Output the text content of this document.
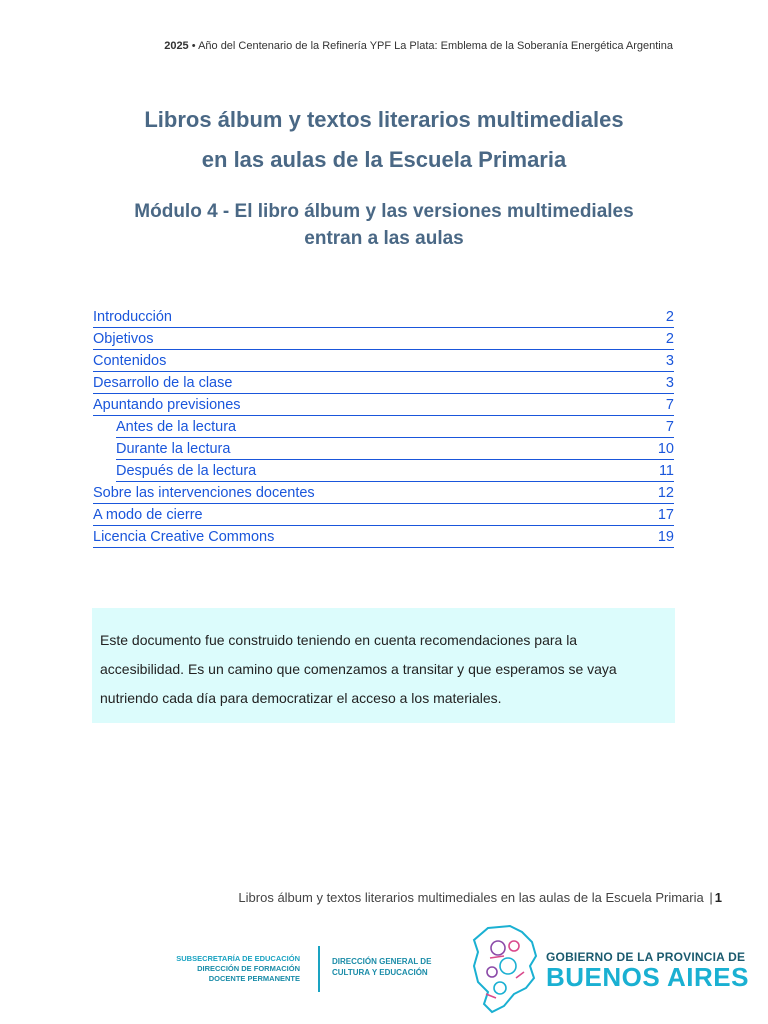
2025 • Año del Centenario de la Refinería YPF La Plata: Emblema de la Soberanía Energética Argentina
Libros álbum y textos literarios multimediales
en las aulas de la Escuela Primaria
Módulo 4 - El libro álbum y las versiones multimediales
entran a las aulas
Introducción	2
Objetivos	2
Contenidos	3
Desarrollo de la clase	3
Apuntando previsiones	7
Antes de la lectura	7
Durante la lectura	10
Después de la lectura	11
Sobre las intervenciones docentes	12
A modo de cierre	17
Licencia Creative Commons	19
Este documento fue construido teniendo en cuenta recomendaciones para la
accesibilidad. Es un camino que comenzamos a transitar y que esperamos se vaya
nutriendo cada día para democratizar el acceso a los materiales.
Libros álbum y textos literarios multimediales en las aulas de la Escuela Primaria | 1
SUBSECRETARÍA DE EDUCACIÓN
DIRECCIÓN DE FORMACIÓN
DOCENTE PERMANENTE
DIRECCIÓN GENERAL DE
CULTURA Y EDUCACIÓN
GOBIERNO DE LA PROVINCIA DE
BUENOS AIRES
